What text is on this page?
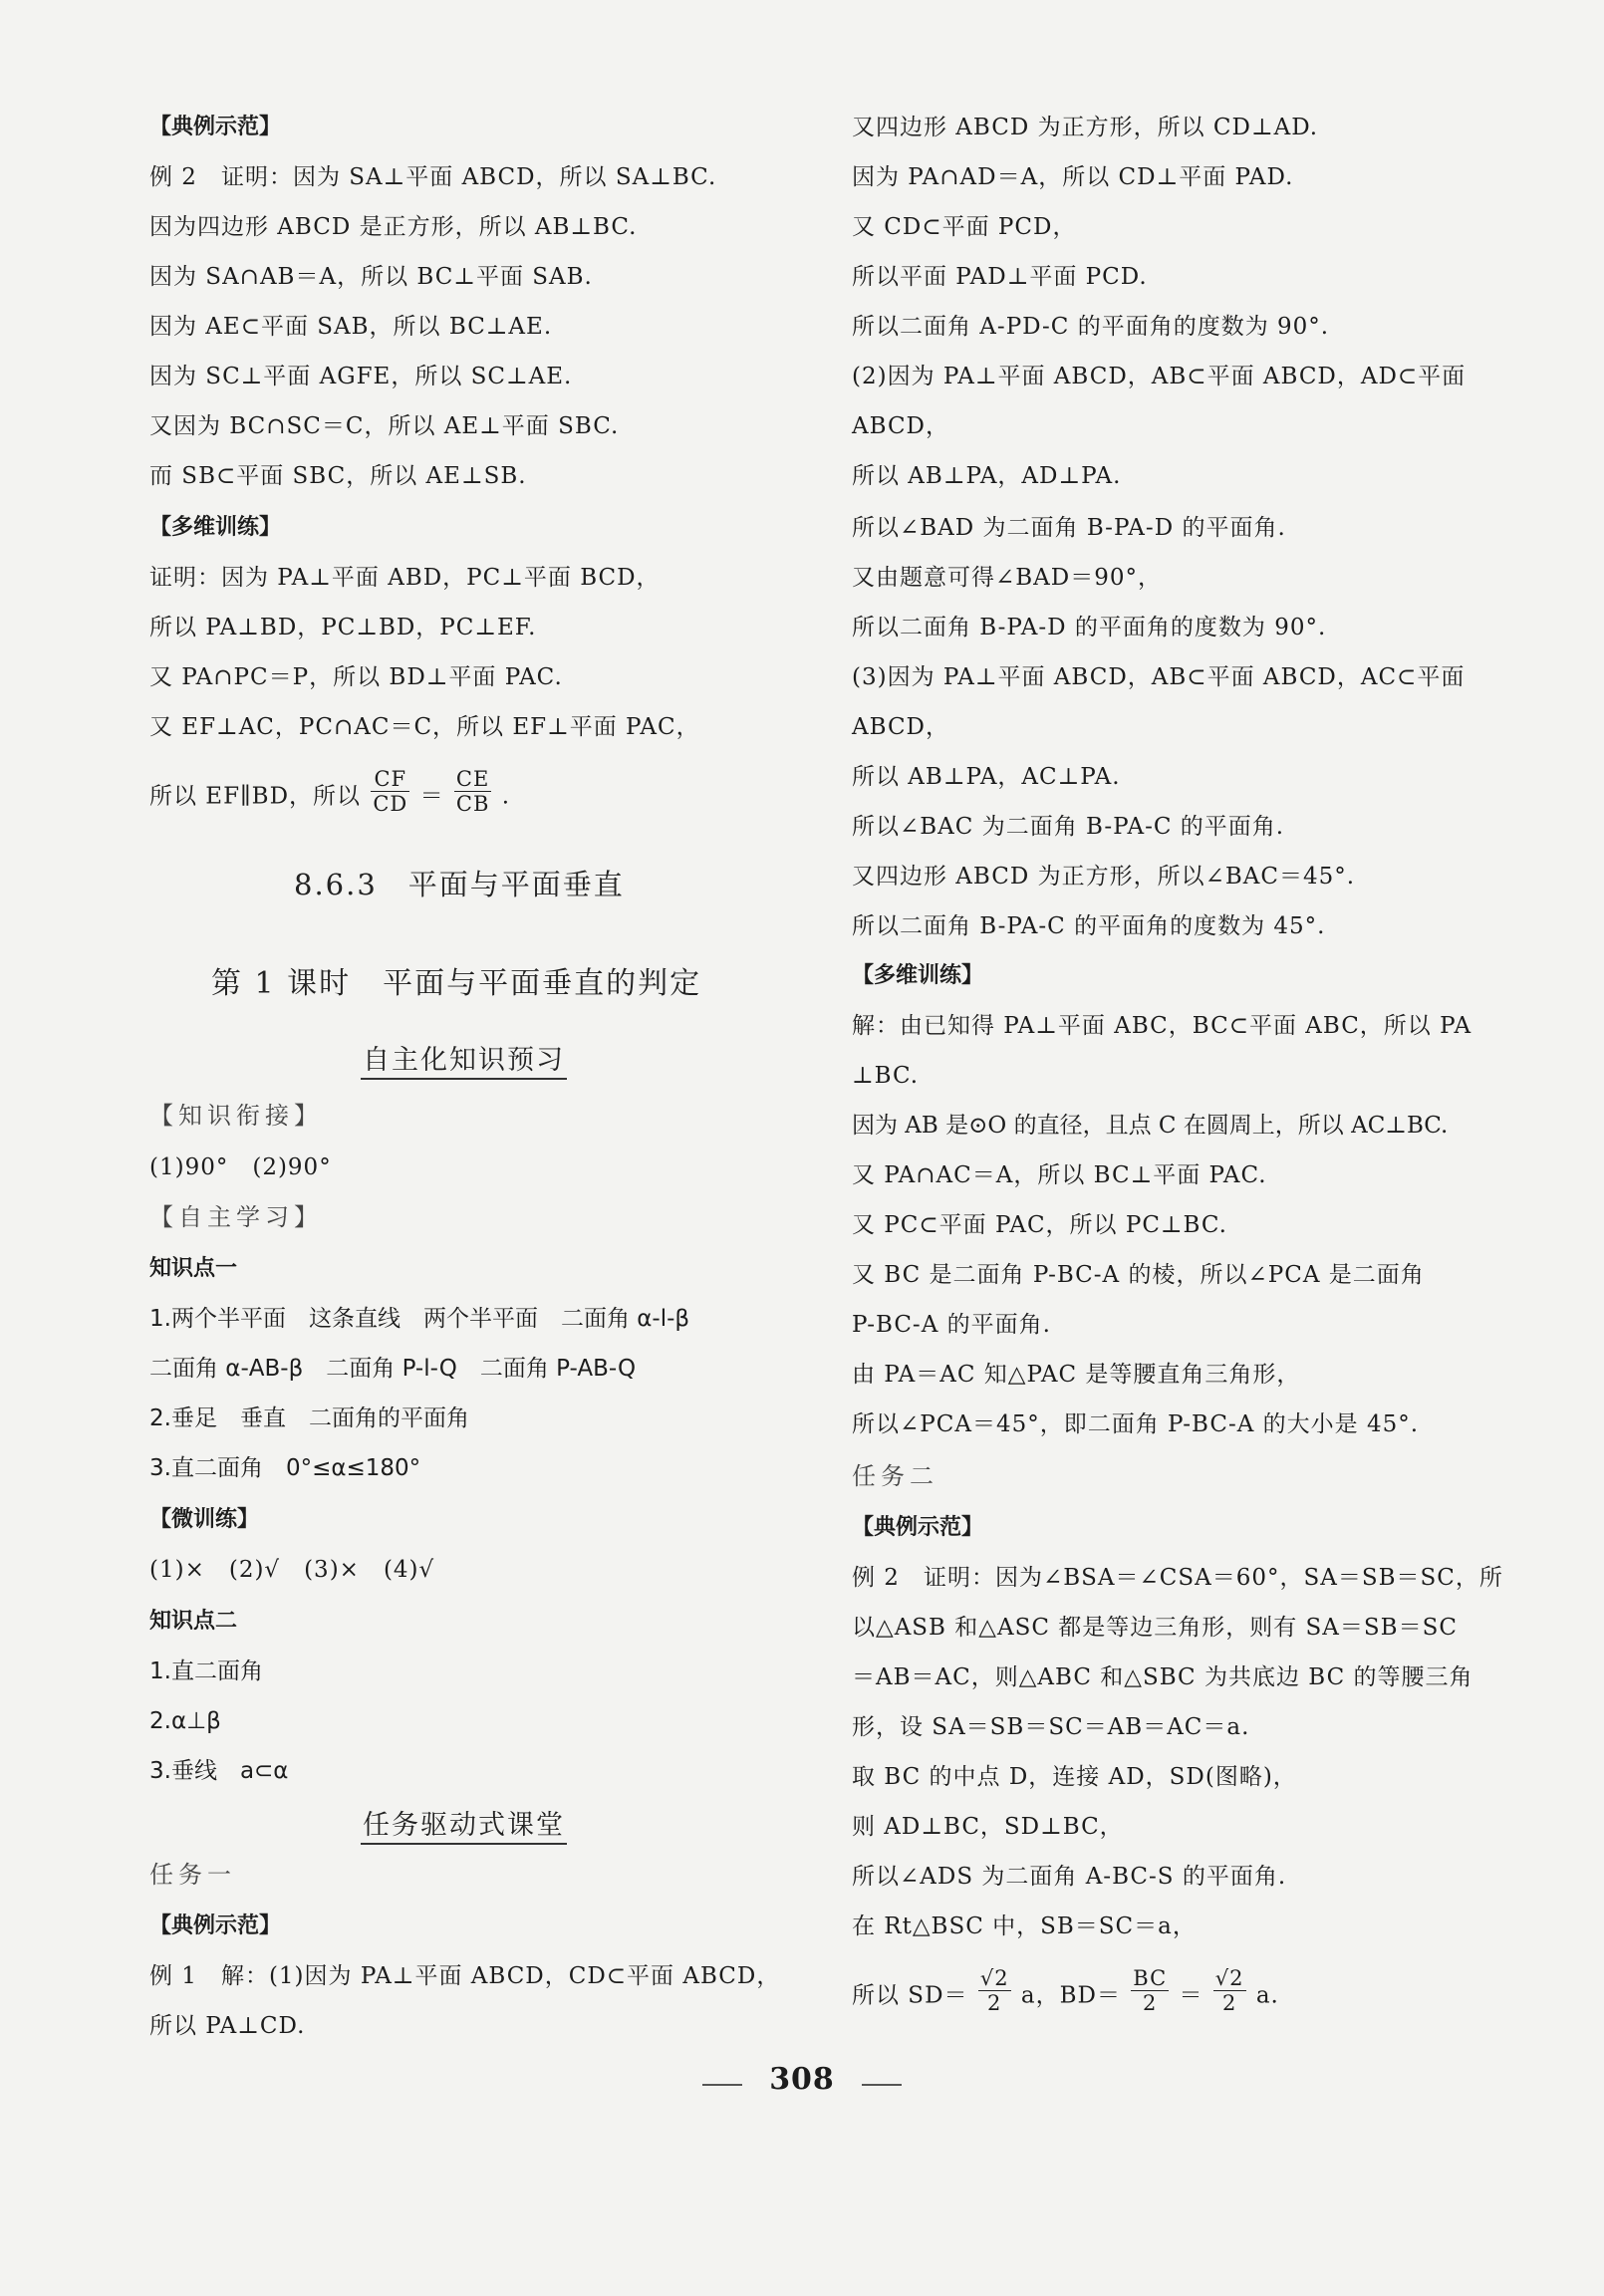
【典例示范】
例 2　证明：因为 SA⊥平面 ABCD，所以 SA⊥BC.
因为四边形 ABCD 是正方形，所以 AB⊥BC.
因为 SA∩AB＝A，所以 BC⊥平面 SAB.
因为 AE⊂平面 SAB，所以 BC⊥AE.
因为 SC⊥平面 AGFE，所以 SC⊥AE.
又因为 BC∩SC＝C，所以 AE⊥平面 SBC.
而 SB⊂平面 SBC，所以 AE⊥SB.
【多维训练】
证明：因为 PA⊥平面 ABD，PC⊥平面 BCD，
所以 PA⊥BD，PC⊥BD，PC⊥EF.
又 PA∩PC＝P，所以 BD⊥平面 PAC.
又 EF⊥AC，PC∩AC＝C，所以 EF⊥平面 PAC，
所以 EF∥BD，所以 $\frac{CF}{CD} = \frac{CE}{CB}$ .
8.6.3　平面与平面垂直
第 1 课时　平面与平面垂直的判定
自主化知识预习
【知识衔接】
(1)90°　(2)90°
【自主学习】
知识点一
1.两个半平面　这条直线　两个半平面　二面角 α-l-β
二面角 α-AB-β　二面角 P-l-Q　二面角 P-AB-Q
2.垂足　垂直　二面角的平面角
3.直二面角　0°≤α≤180°
【微训练】
(1)×　(2)√　(3)×　(4)√
知识点二
1.直二面角
2.α⊥β
3.垂线　a⊂α
任务驱动式课堂
任务一
【典例示范】
例 1　解：(1)因为 PA⊥平面 ABCD，CD⊂平面 ABCD，
所以 PA⊥CD.
又四边形 ABCD 为正方形，所以 CD⊥AD.
因为 PA∩AD＝A，所以 CD⊥平面 PAD.
又 CD⊂平面 PCD，
所以平面 PAD⊥平面 PCD.
所以二面角 A-PD-C 的平面角的度数为 90°.
(2)因为 PA⊥平面 ABCD，AB⊂平面 ABCD，AD⊂平面
ABCD，
所以 AB⊥PA，AD⊥PA.
所以∠BAD 为二面角 B-PA-D 的平面角.
又由题意可得∠BAD＝90°，
所以二面角 B-PA-D 的平面角的度数为 90°.
(3)因为 PA⊥平面 ABCD，AB⊂平面 ABCD，AC⊂平面
ABCD，
所以 AB⊥PA，AC⊥PA.
所以∠BAC 为二面角 B-PA-C 的平面角.
又四边形 ABCD 为正方形，所以∠BAC＝45°.
所以二面角 B-PA-C 的平面角的度数为 45°.
【多维训练】
解：由已知得 PA⊥平面 ABC，BC⊂平面 ABC，所以 PA
⊥BC.
因为 AB 是⊙O 的直径，且点 C 在圆周上，所以 AC⊥BC.
又 PA∩AC＝A，所以 BC⊥平面 PAC.
又 PC⊂平面 PAC，所以 PC⊥BC.
又 BC 是二面角 P-BC-A 的棱，所以∠PCA 是二面角
P-BC-A 的平面角.
由 PA＝AC 知△PAC 是等腰直角三角形，
所以∠PCA＝45°，即二面角 P-BC-A 的大小是 45°.
任务二
【典例示范】
例 2　证明：因为∠BSA＝∠CSA＝60°，SA＝SB＝SC，所
以△ASB 和△ASC 都是等边三角形，则有 SA＝SB＝SC
＝AB＝AC，则△ABC 和△SBC 为共底边 BC 的等腰三角
形，设 SA＝SB＝SC＝AB＝AC＝a.
取 BC 的中点 D，连接 AD，SD(图略)，
则 AD⊥BC，SD⊥BC，
所以∠ADS 为二面角 A-BC-S 的平面角.
在 Rt△BSC 中，SB＝SC＝a，
所以 $SD= \frac{√2}{2}$ a，$BD= \frac{BC}{2} = \frac{√2}{2} a$.
308
